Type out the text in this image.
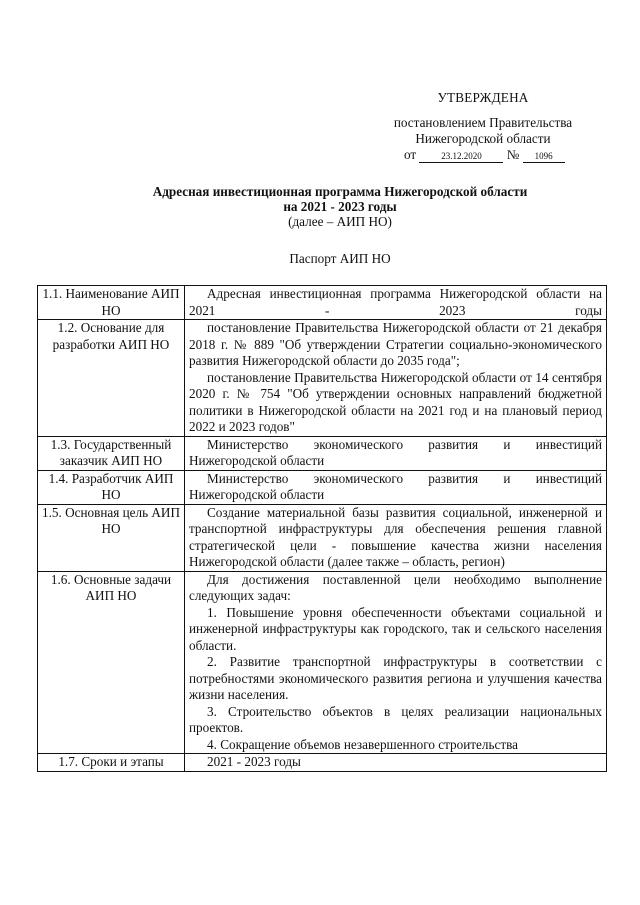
УТВЕРЖДЕНА
постановлением Правительства
Нижегородской области
от	23.12.2020 № 1096
Адресная инвестиционная программа Нижегородской области
на 2021 - 2023 годы
(далее – АИП НО)
Паспорт АИП НО
1.1. Наименование АИП НО	Адресная инвестиционная программа Нижегородской области на 2021 - 2023 годы

1.2. Основание для разработки АИП НО	постановление Правительства Нижегородской области от 21 декабря 2018 г. № 889 "Об утверждении Стратегии социально-экономического развития Нижегородской области до 2035 года";

постановление Правительства Нижегородской области от 14 сентября 2020 г. № 754 "Об утверждении основных направлений бюджетной политики в Нижегородской области на 2021 год и на плановый период 2022 и 2023 годов"

1.3. Государственный заказчик АИП НО	Министерство экономического развития и инвестиций Нижегородской области

1.4. Разработчик АИП НО	Министерство экономического развития и инвестиций Нижегородской области

1.5. Основная цель АИП НО	Создание материальной базы развития социальной, инженерной и транспортной инфраструктуры для обеспечения решения главной стратегической цели - повышение качества жизни населения Нижегородской области (далее также – область, регион)

1.6. Основные задачи АИП НО	Для достижения поставленной цели необходимо выполнение следующих задач:

1. Повышение уровня обеспеченности объектами социальной и инженерной инфраструктуры как городского, так и сельского населения области.

2. Развитие транспортной инфраструктуры в соответствии с потребностями экономического развития региона и улучшения качества жизни населения.

3. Строительство объектов в целях реализации национальных проектов.

4. Сокращение объемов незавершенного строительства

1.7. Сроки и этапы	2021 - 2023 годы
